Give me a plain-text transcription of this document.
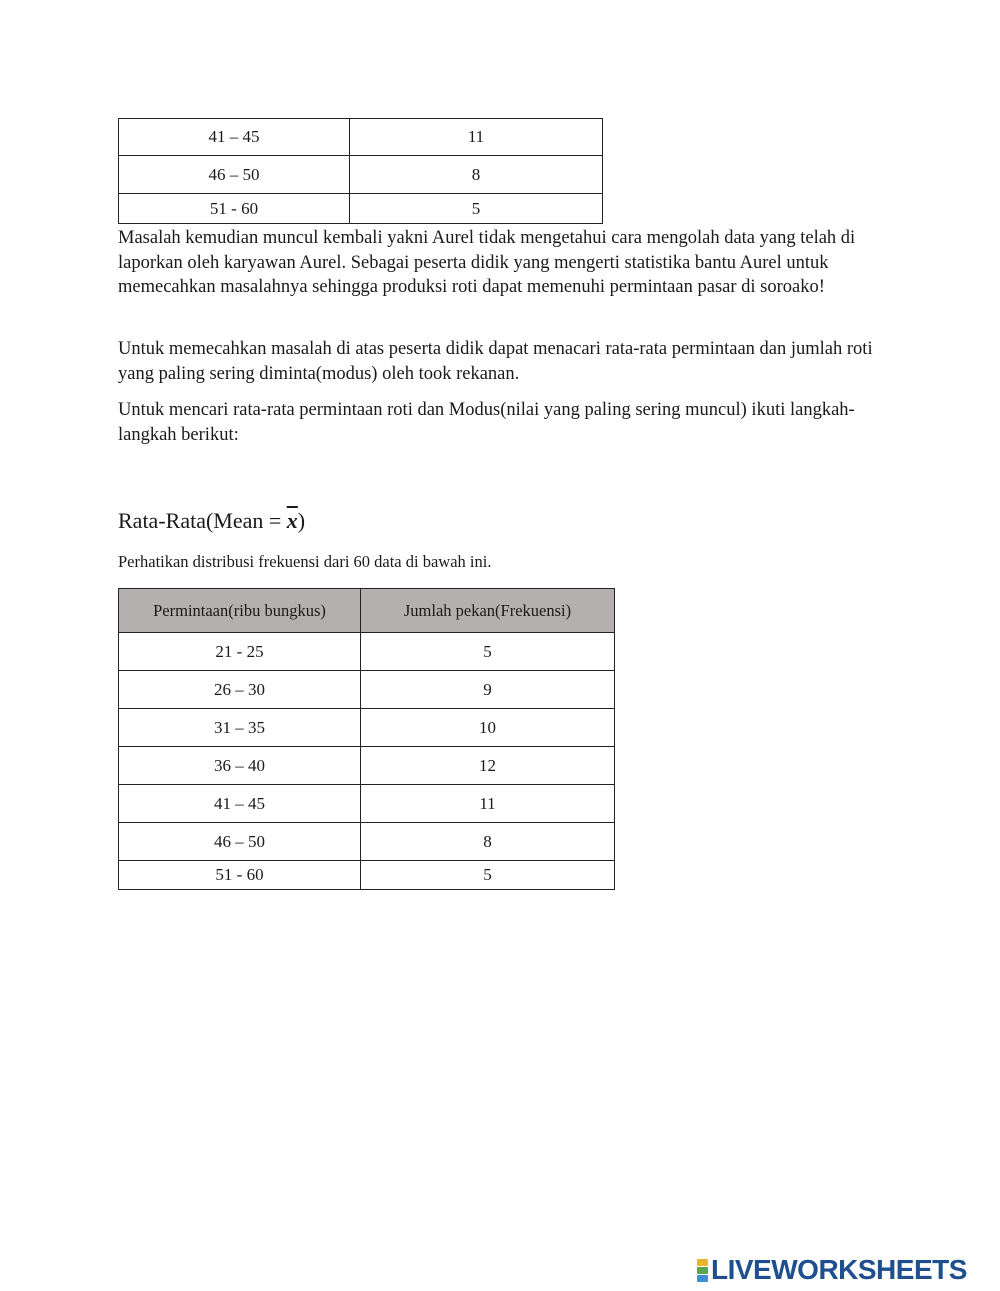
41 – 45	11
46 – 50	8
51 - 60	5

Masalah kemudian muncul kembali yakni Aurel tidak mengetahui cara mengolah data yang telah di laporkan oleh karyawan Aurel. Sebagai peserta didik yang mengerti statistika bantu Aurel untuk memecahkan masalahnya sehingga produksi roti dapat memenuhi permintaan pasar di soroako!

Untuk memecahkan masalah di atas peserta didik dapat menacari rata-rata permintaan dan jumlah roti yang paling sering diminta(modus) oleh took rekanan.

Untuk mencari rata-rata permintaan roti dan Modus(nilai yang paling sering muncul) ikuti langkah-langkah berikut:

Rata-Rata(Mean = x)

Perhatikan distribusi frekuensi dari 60 data di bawah ini.

Permintaan(ribu bungkus)	Jumlah pekan(Frekuensi)
21 - 25	5
26 – 30	9
31 – 35	10
36 – 40	12
41 – 45	11
46 – 50	8
51 - 60	5
LIVEWORKSHEETS
